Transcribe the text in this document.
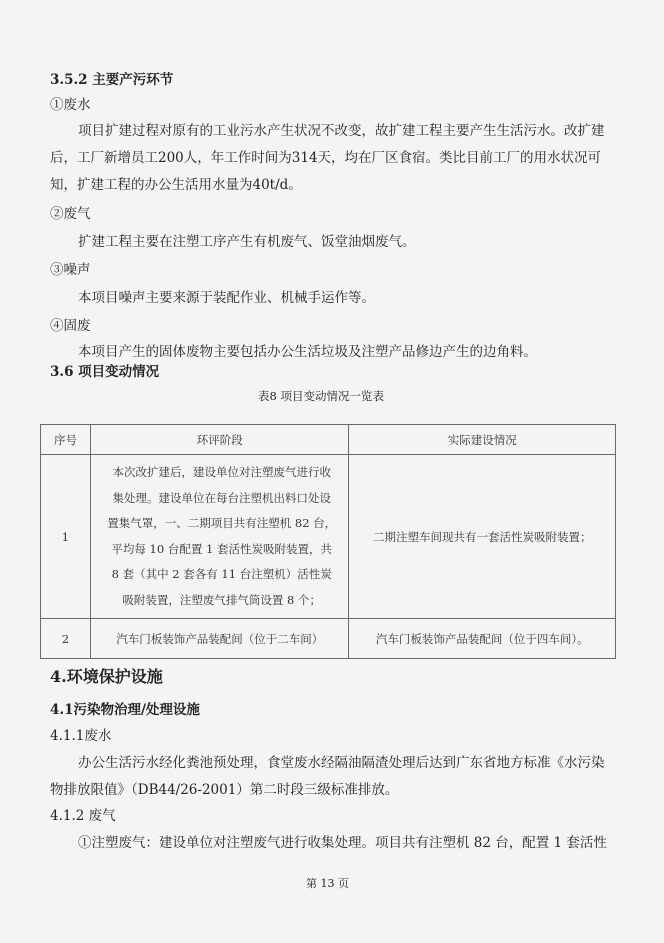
3.5.2 主要产污环节

①废水

项目扩建过程对原有的工业污水产生状况不改变，故扩建工程主要产生生活污水。改扩建后，工厂新增员工200人，年工作时间为314天，均在厂区食宿。类比目前工厂的用水状况可知，扩建工程的办公生活用水量为40t/d。

②废气

扩建工程主要在注塑工序产生有机废气、饭堂油烟废气。

③噪声

本项目噪声主要来源于装配作业、机械手运作等。

④固废

本项目产生的固体废物主要包括办公生活垃圾及注塑产品修边产生的边角料。

3.6 项目变动情况

表8 项目变动情况一览表

序号	环评阶段	实际建设情况
1	本次改扩建后，建设单位对注塑废气进行收集处理。建设单位在每台注塑机出料口处设置集气罩，一、二期项目共有注塑机 82 台，平均每 10 台配置 1 套活性炭吸附装置，共 8 套（其中 2 套各有 11 台注塑机）活性炭吸附装置，注塑废气排气筒设置 8 个；	二期注塑车间现共有一套活性炭吸附装置；
2	汽车门板装饰产品装配间（位于二车间）	汽车门板装饰产品装配间（位于四车间）。

4.环境保护设施

4.1污染物治理/处理设施

4.1.1废水

办公生活污水经化粪池预处理，食堂废水经隔油隔渣处理后达到广东省地方标准《水污染物排放限值》（DB44/26-2001）第二时段三级标准排放。

4.1.2 废气

①注塑废气：建设单位对注塑废气进行收集处理。项目共有注塑机 82 台，配置 1 套活性

第 13 页
